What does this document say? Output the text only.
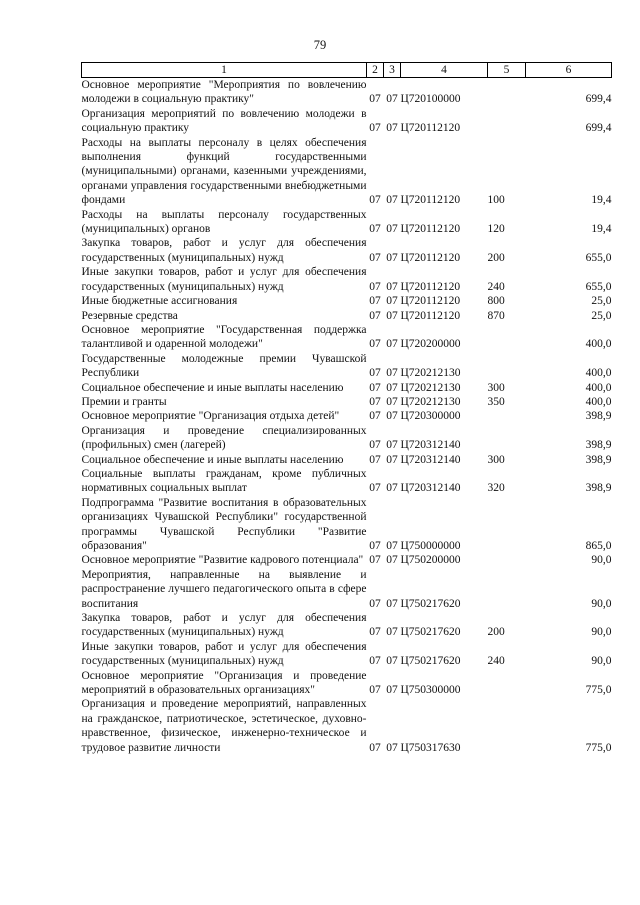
79
1	2	3	4	5	6
Основное мероприятие "Мероприятия по вовлечению молодежи в социальную практику"	07	07	Ц720100000		699,4
Организация мероприятий по вовлечению молодежи в социальную практику	07	07	Ц720112120		699,4
Расходы на выплаты персоналу в целях обеспечения выполнения функций государственными (муниципальными) органами, казенными учреждениями, органами управления государственными внебюджетными фондами	07	07	Ц720112120	100	19,4
Расходы на выплаты персоналу государственных (муниципальных) органов	07	07	Ц720112120	120	19,4
Закупка товаров, работ и услуг для обеспечения государственных (муниципальных) нужд	07	07	Ц720112120	200	655,0
Иные закупки товаров, работ и услуг для обеспечения государственных (муниципальных) нужд	07	07	Ц720112120	240	655,0
Иные бюджетные ассигнования	07	07	Ц720112120	800	25,0
Резервные средства	07	07	Ц720112120	870	25,0
Основное мероприятие "Государственная поддержка талантливой и одаренной молодежи"	07	07	Ц720200000		400,0
Государственные молодежные премии Чувашской Республики	07	07	Ц720212130		400,0
Социальное обеспечение и иные выплаты населению	07	07	Ц720212130	300	400,0
Премии и гранты	07	07	Ц720212130	350	400,0
Основное мероприятие "Организация отдыха детей"	07	07	Ц720300000		398,9
Организация и проведение специализированных (профильных) смен (лагерей)	07	07	Ц720312140		398,9
Социальное обеспечение и иные выплаты населению	07	07	Ц720312140	300	398,9
Социальные выплаты гражданам, кроме публичных нормативных социальных выплат	07	07	Ц720312140	320	398,9
Подпрограмма "Развитие воспитания в образовательных организациях Чувашской Республики" государственной программы Чувашской Республики "Развитие образования"	07	07	Ц750000000		865,0
Основное мероприятие "Развитие кадрового потенциала"	07	07	Ц750200000		90,0
Мероприятия, направленные на выявление и распространение лучшего педагогического опыта в сфере воспитания	07	07	Ц750217620		90,0
Закупка товаров, работ и услуг для обеспечения государственных (муниципальных) нужд	07	07	Ц750217620	200	90,0
Иные закупки товаров, работ и услуг для обеспечения государственных (муниципальных) нужд	07	07	Ц750217620	240	90,0
Основное мероприятие "Организация и проведение мероприятий в образовательных организациях"	07	07	Ц750300000		775,0
Организация и проведение мероприятий, направленных на гражданское, патриотическое, эстетическое, духовно-нравственное, физическое, инженерно-техническое и трудовое развитие личности	07	07	Ц750317630		775,0
